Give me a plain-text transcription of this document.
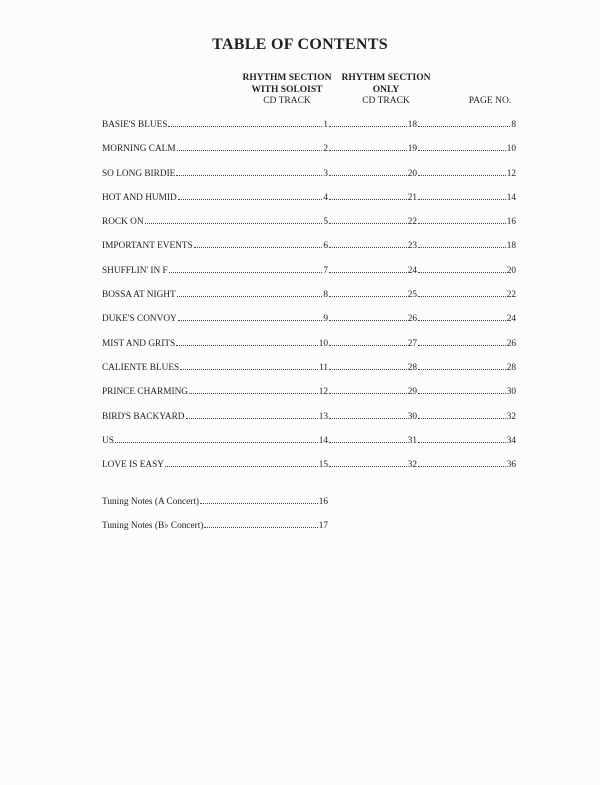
TABLE OF CONTENTS
RHYTHM SECTION
WITH SOLOIST
CD TRACK
RHYTHM SECTION
ONLY
CD TRACK	PAGE NO.
BASIE'S BLUES	1	18	8
MORNING CALM	2	19	10
SO LONG BIRDIE	3	20	12
HOT AND HUMID	4	21	14
ROCK ON	5	22	16
IMPORTANT EVENTS	6	23	18
SHUFFLIN' IN F	7	24	20
BOSSA AT NIGHT	8	25	22
DUKE'S CONVOY	9	26	24
MIST AND GRITS	10	27	26
CALIENTE BLUES	11	28	28
PRINCE CHARMING	12	29	30
BIRD'S BACKYARD	13	30	32
US	14	31	34
LOVE IS EASY	15	32	36
Tuning Notes (A Concert)	16
Tuning Notes (B♭ Concert)	17
